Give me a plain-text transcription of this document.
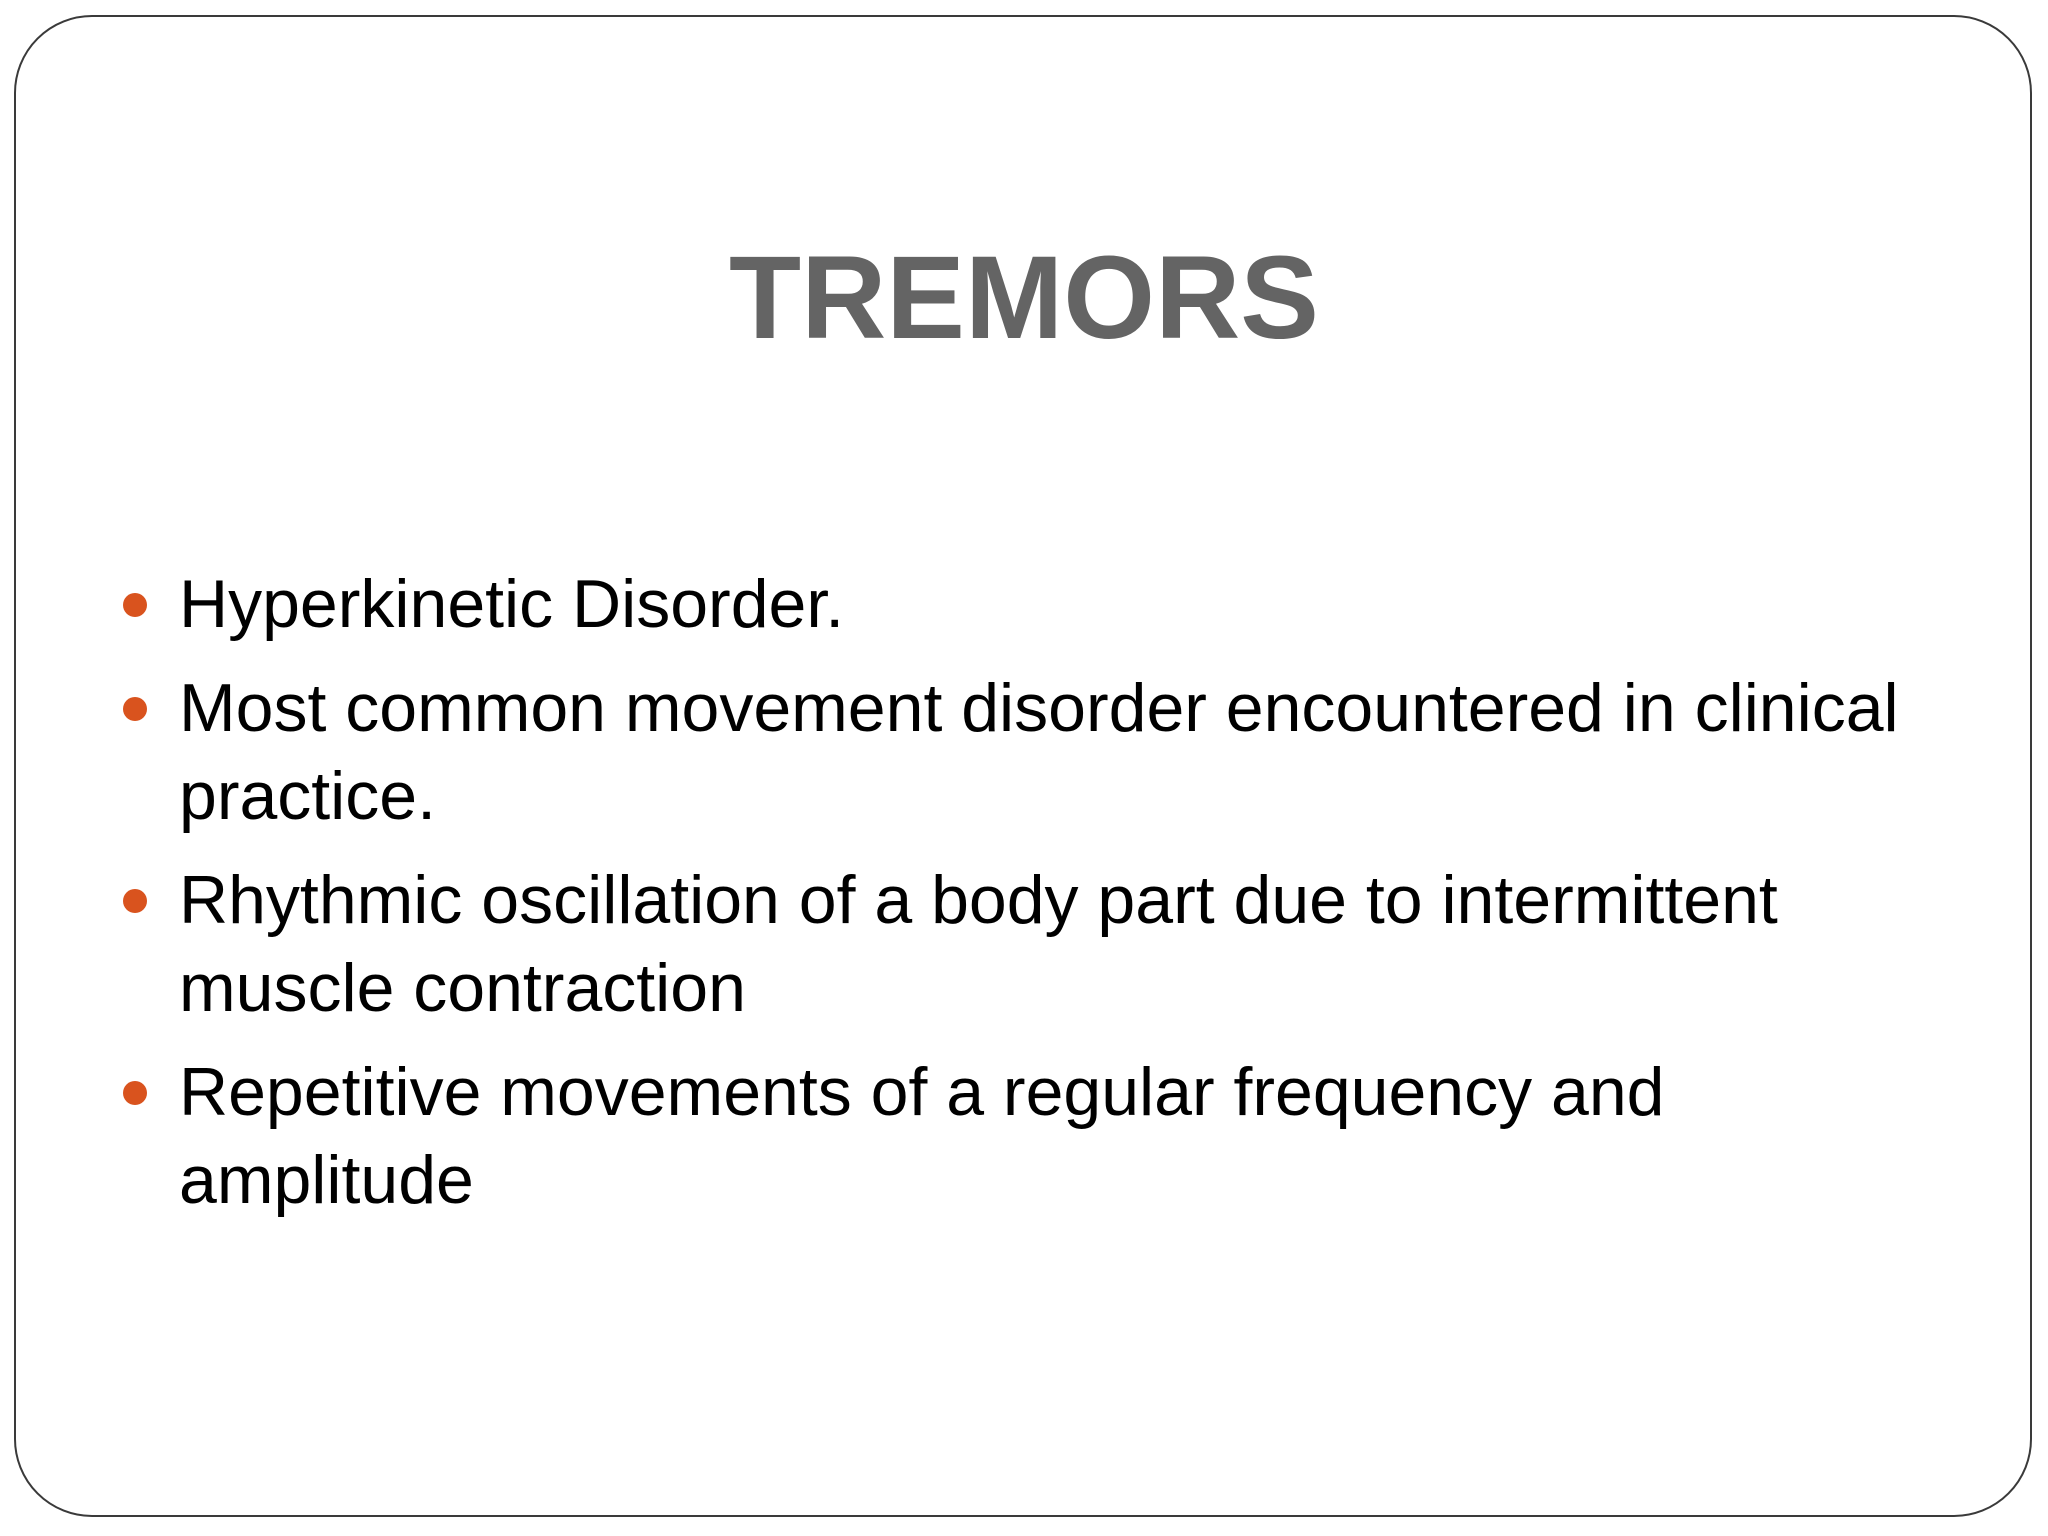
TREMORS
Hyperkinetic Disorder.
Most common movement disorder encountered in clinical practice.
Rhythmic oscillation of a body part due to intermittent muscle contraction
Repetitive movements of a regular frequency and amplitude
